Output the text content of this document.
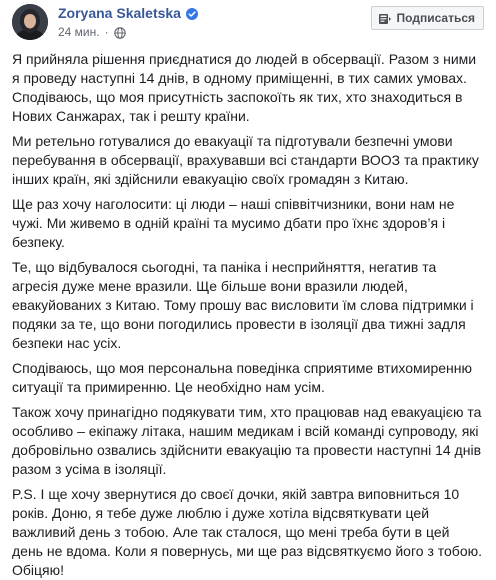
Zoryana Skaletska
24 мин. ·
Подписаться

Я прийняла рішення приєднатися до людей в обсервації. Разом з ними я проведу наступні 14 днів, в одному приміщенні, в тих самих умовах. Сподіваюсь, що моя присутність заспокоїть як тих, хто знаходиться в Нових Санжарах, так і решту країни.

Ми ретельно готувалися до евакуації та підготували безпечні умови перебування в обсервації, врахувавши всі стандарти ВООЗ та практику інших країн, які здійснили евакуацію своїх громадян з Китаю.

Ще раз хочу наголосити: ці люди – наші співвітчизники, вони нам не чужі. Ми живемо в одній країні та мусимо дбати про їхнє здоров’я і безпеку.

Те, що відбувалося сьогодні, та паніка і несприйняття, негатив та агресія дуже мене вразили. Ще більше вони вразили людей, евакуйованих з Китаю. Тому прошу вас висловити їм слова підтримки і подяки за те, що вони погодились провести в ізоляції два тижні задля безпеки нас усіх.

Сподіваюсь, що моя персональна поведінка сприятиме втихомиренню ситуації та примиренню. Це необхідно нам усім.

Також хочу принагідно подякувати тим, хто працював над евакуацією та особливо – екіпажу літака, нашим медикам і всій команді супроводу, які добровільно озвались здійснити евакуацію та провести наступні 14 днів разом з усіма в ізоляції.

P.S. І ще хочу звернутися до своєї дочки, якій завтра виповниться 10 років. Доню, я тебе дуже люблю і дуже хотіла відсвяткувати цей важливий день з тобою. Але так сталося, що мені треба бути в цей день не вдома. Коли я повернусь, ми ще раз відсвяткуємо його з тобою. Обіцяю!
